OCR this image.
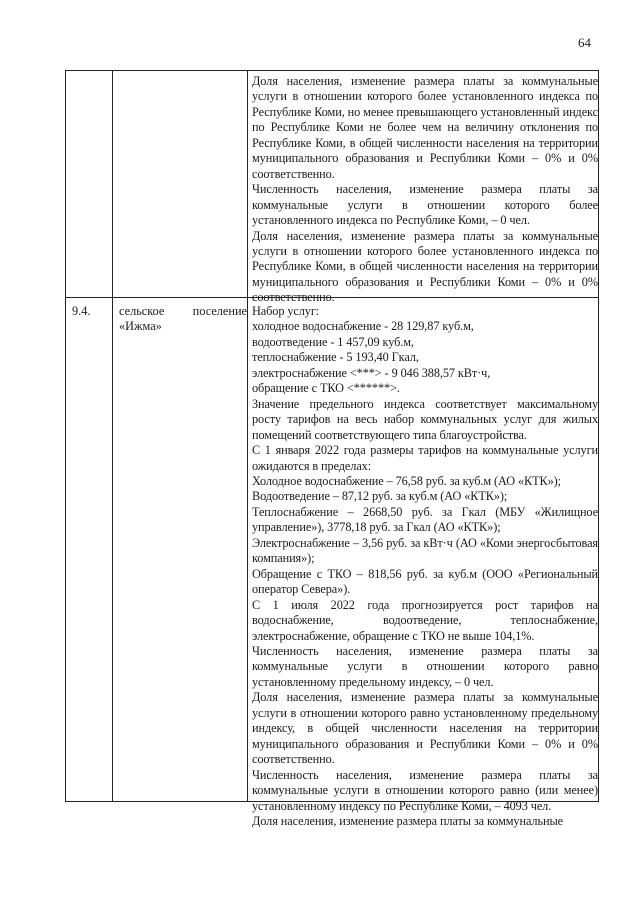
64

Доля населения, изменение размера платы за коммунальные услуги в отношении которого более установленного индекса по Республике Коми, но менее превышающего установленный индекс по Республике Коми не более чем на величину отклонения по Республике Коми, в общей численности населения на территории муниципального образования и Республики Коми – 0% и 0% соответственно.

Численность населения, изменение размера платы за коммунальные услуги в отношении которого более установленного индекса по Республике Коми, – 0 чел.

Доля населения, изменение размера платы за коммунальные услуги в отношении которого более установленного индекса по Республике Коми, в общей численности населения на территории муниципального образования и Республики Коми – 0% и 0% соответственно.

9.4. сельское поселение
«Ижма»

Набор услуг:

холодное водоснабжение - 28 129,87 куб.м,

водоотведение - 1 457,09 куб.м,

теплоснабжение - 5 193,40 Гкал,

электроснабжение <***> - 9 046 388,57 кВт·ч,

обращение с ТКО <******>.

Значение предельного индекса соответствует максимальному росту тарифов на весь набор коммунальных услуг для жилых помещений соответствующего типа благоустройства.

С 1 января 2022 года размеры тарифов на коммунальные услуги ожидаются в пределах:

Холодное водоснабжение – 76,58 руб. за куб.м (АО «КТК»);

Водоотведение – 87,12 руб. за куб.м (АО «КТК»);

Теплоснабжение – 2668,50 руб. за Гкал (МБУ «Жилищное управление»), 3778,18 руб. за Гкал (АО «КТК»);

Электроснабжение – 3,56 руб. за кВт·ч (АО «Коми энергосбытовая компания»);

Обращение с ТКО – 818,56 руб. за куб.м (ООО «Региональный оператор Севера»).

С 1 июля 2022 года прогнозируется рост тарифов на водоснабжение, водоотведение, теплоснабжение, электроснабжение, обращение с ТКО не выше 104,1%.

Численность населения, изменение размера платы за коммунальные услуги в отношении которого равно установленному предельному индексу, – 0 чел.

Доля населения, изменение размера платы за коммунальные услуги в отношении которого равно установленному предельному индексу, в общей численности населения на территории муниципального образования и Республики Коми – 0% и 0% соответственно.

Численность населения, изменение размера платы за коммунальные услуги в отношении которого равно (или менее) установленному индексу по Республике Коми, – 4093 чел.

Доля населения, изменение размера платы за коммунальные
